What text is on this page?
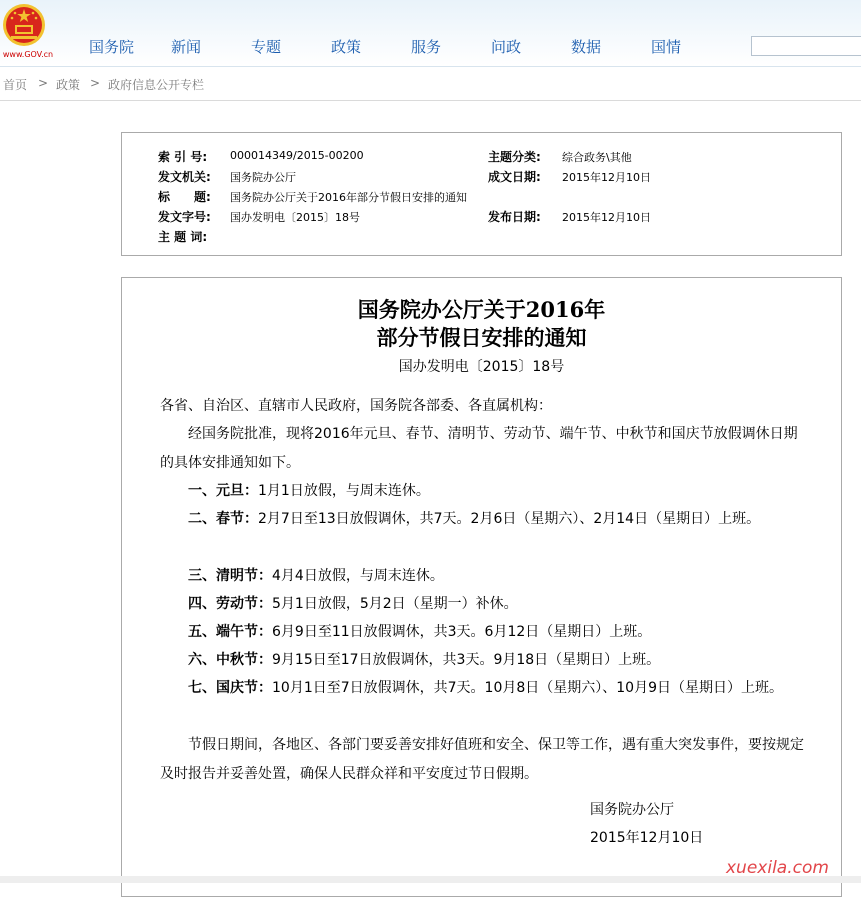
www.GOV.cn 国务院 新闻	专题	政策	服务	问政	数据	国情
首页 > 政策 > 政府信息公开专栏
索 引 号: 000014349/2015-00200	主题分类: 综合政务\其他
发文机关: 国务院办公厅	成文日期: 2015年12月10日
标　　题: 国务院办公厅关于2016年部分节假日安排的通知
发文字号: 国办发明电〔2015〕18号	发布日期: 2015年12月10日
主 题 词:
国务院办公厅关于2016年
部分节假日安排的通知
国办发明电〔2015〕18号
各省、自治区、直辖市人民政府，国务院各部委、各直属机构：
经国务院批准，现将2016年元旦、春节、清明节、劳动节、端午节、中秋节和国庆节放假调休日期的具体安排通知如下。
一、元旦：1月1日放假，与周末连休。
二、春节：2月7日至13日放假调休，共7天。2月6日（星期六）、2月14日（星期日）上班。
三、清明节：4月4日放假，与周末连休。
四、劳动节：5月1日放假，5月2日（星期一）补休。
五、端午节：6月9日至11日放假调休，共3天。6月12日（星期日）上班。
六、中秋节：9月15日至17日放假调休，共3天。9月18日（星期日）上班。
七、国庆节：10月1日至7日放假调休，共7天。10月8日（星期六）、10月9日（星期日）上班。
节假日期间，各地区、各部门要妥善安排好值班和安全、保卫等工作，遇有重大突发事件，要按规定及时报告并妥善处置，确保人民群众祥和平安度过节日假期。
国务院办公厅
2015年12月10日
xuexila.com
